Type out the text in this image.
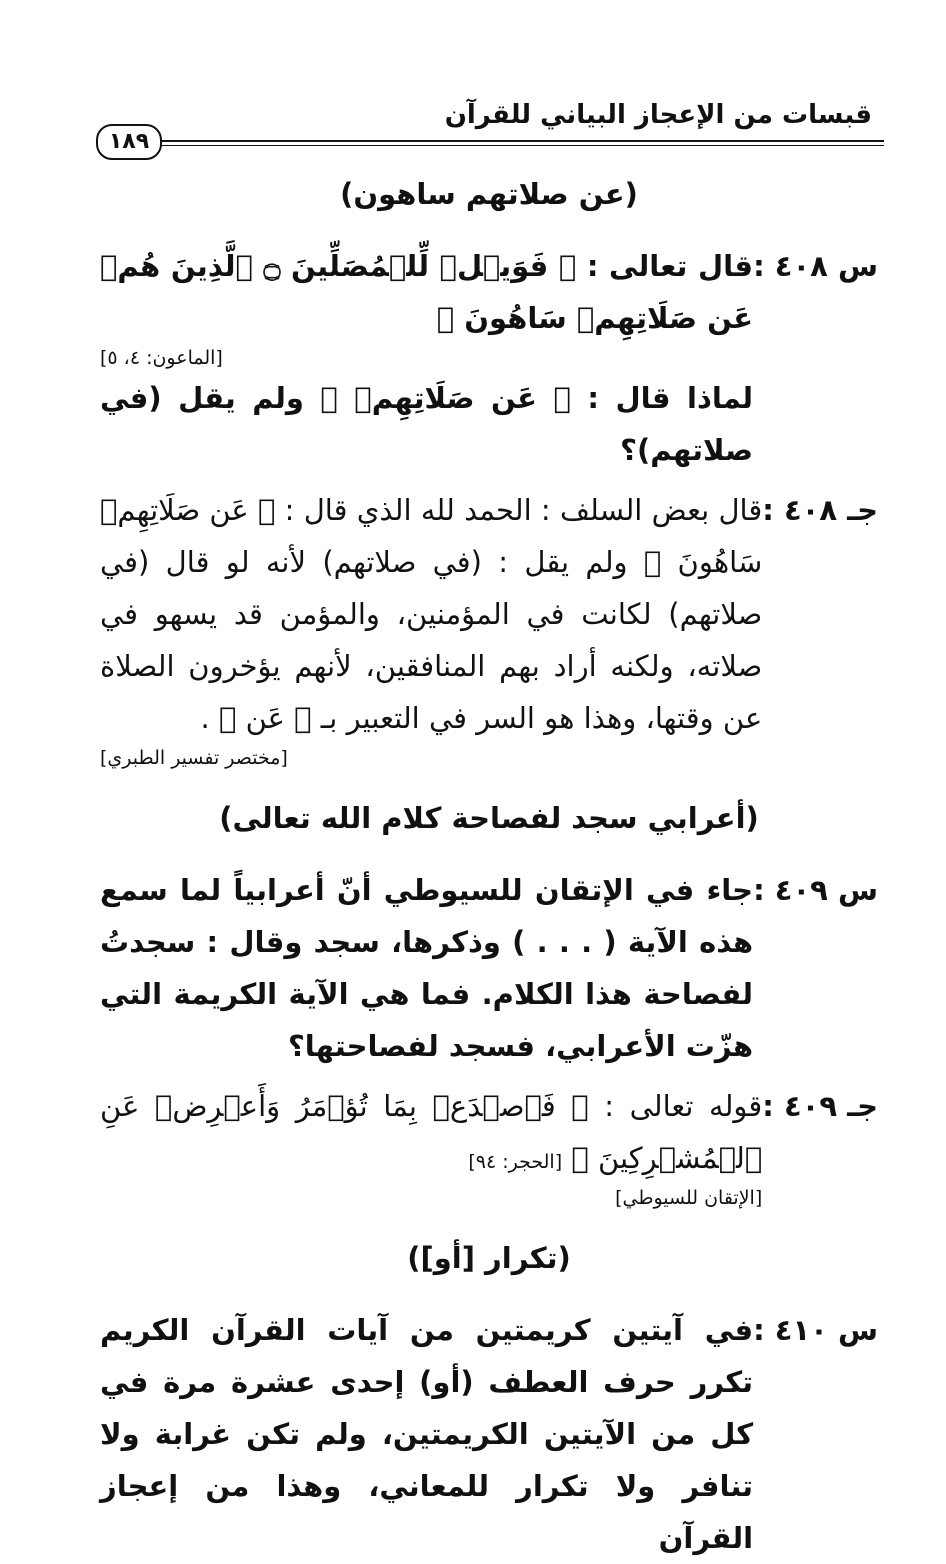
قبسات من الإعجاز البياني للقرآن
١٨٩
(عن صلاتهم ساهون)
س ٤٠٨ :
قال تعالى : ﴿ فَوَيۡلٞ لِّلۡمُصَلِّينَ ۝ ٱلَّذِينَ هُمۡ عَن صَلَاتِهِمۡ سَاهُونَ ﴾
[الماعون: ٤، ٥]
لماذا قال : ﴿ عَن صَلَاتِهِمۡ ﴾ ولم يقل (في صلاتهم)؟
جـ ٤٠٨ :
قال بعض السلف : الحمد لله الذي قال : ﴿ عَن صَلَاتِهِمۡ سَاهُونَ ﴾ ولم يقل : (في صلاتهم) لأنه لو قال (في صلاتهم) لكانت في المؤمنين، والمؤمن قد يسهو في صلاته، ولكنه أراد بهم المنافقين، لأنهم يؤخرون الصلاة عن وقتها، وهذا هو السر في التعبير بـ ﴿ عَن ﴾ .
[مختصر تفسير الطبري]
(أعرابي سجد لفصاحة كلام الله تعالى)
س ٤٠٩ :
جاء في الإتقان للسيوطي أنّ أعرابياً لما سمع هذه الآية ( . . . ) وذكرها، سجد وقال : سجدتُ لفصاحة هذا الكلام. فما هي الآية الكريمة التي هزّت الأعرابي، فسجد لفصاحتها؟
جـ ٤٠٩ :
قوله تعالى : ﴿ فَٱصۡدَعۡ بِمَا تُؤۡمَرُ وَأَعۡرِضۡ عَنِ ٱلۡمُشۡرِكِينَ ﴾ [الحجر: ٩٤]
[الإتقان للسيوطي]
(تكرار [أو])
س ٤١٠ :
في آيتين كريمتين من آيات القرآن الكريم تكرر حرف العطف (أو) إحدى عشرة مرة في كل من الآيتين الكريمتين، ولم تكن غرابة ولا تنافر ولا تكرار للمعاني، وهذا من إعجاز القرآن
